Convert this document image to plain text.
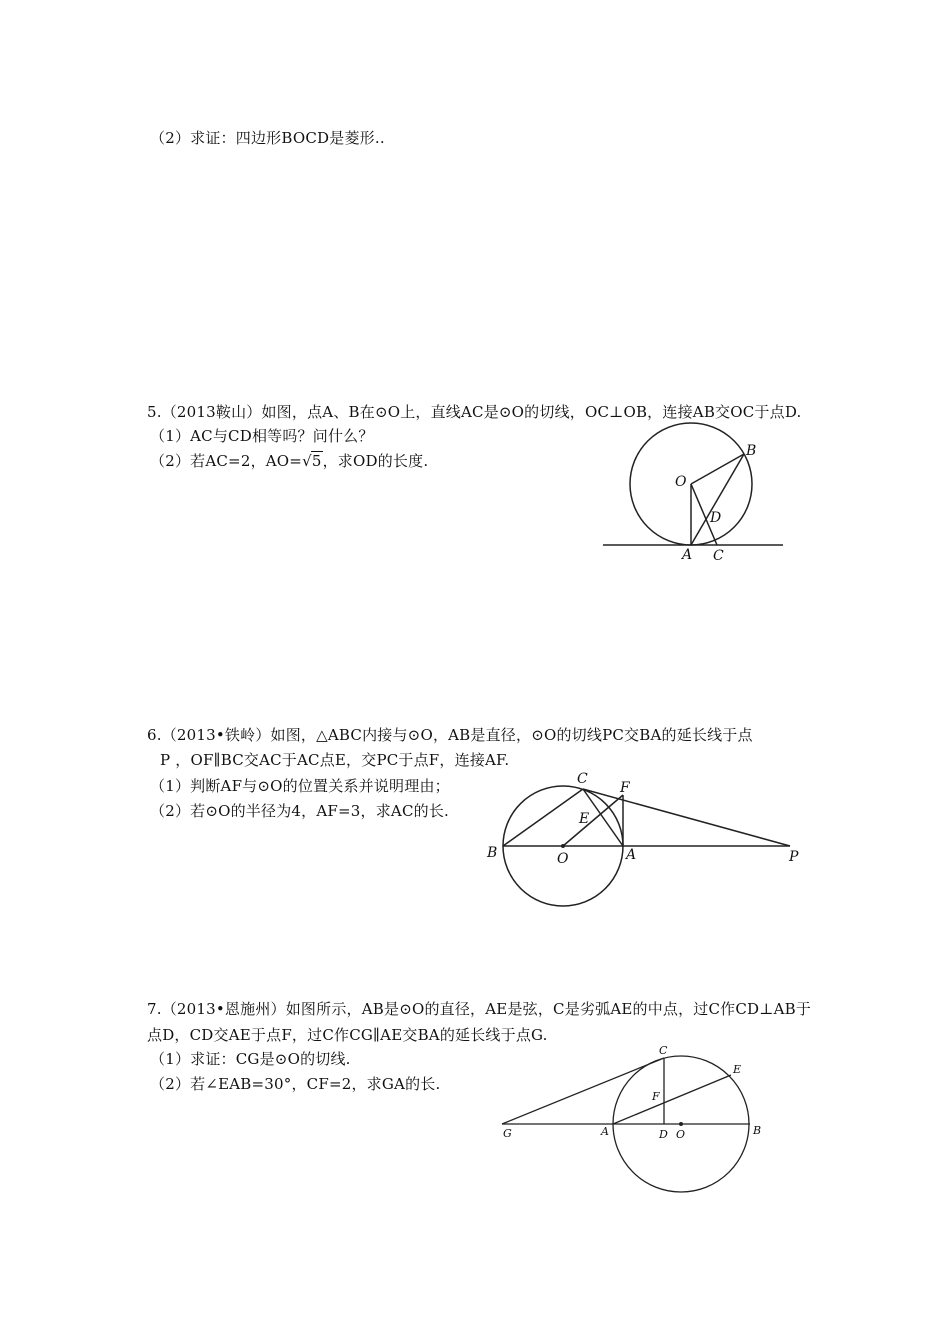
（2）求证：四边形BOCD是菱形..
5.（2013鞍山）如图，点A、B在⊙O上，直线AC是⊙O的切线，OC⊥OB，连接AB交OC于点D.
（1）AC与CD相等吗？问什么？
（2）若AC=2，AO=√5，求OD的长度.
O
B
D
A C
6.（2013•铁岭）如图，△ABC内接与⊙O，AB是直径，⊙O的切线PC交BA的延长线于点
P ，OF∥BC交AC于AC点E，交PC于点F，连接AF.
（1）判断AF与⊙O的位置关系并说明理由；
（2）若⊙O的半径为4，AF=3，求AC的长.
C
F
E
B	O	A	P
7.（2013•恩施州）如图所示，AB是⊙O的直径，AE是弦，C是劣弧AE的中点，过C作CD⊥AB于
点D，CD交AE于点F，过C作CG∥AE交BA的延长线于点G.
（1）求证：CG是⊙O的切线.
（2）若∠EAB=30°，CF=2，求GA的长.
C
E
F
G	A	D O	B
